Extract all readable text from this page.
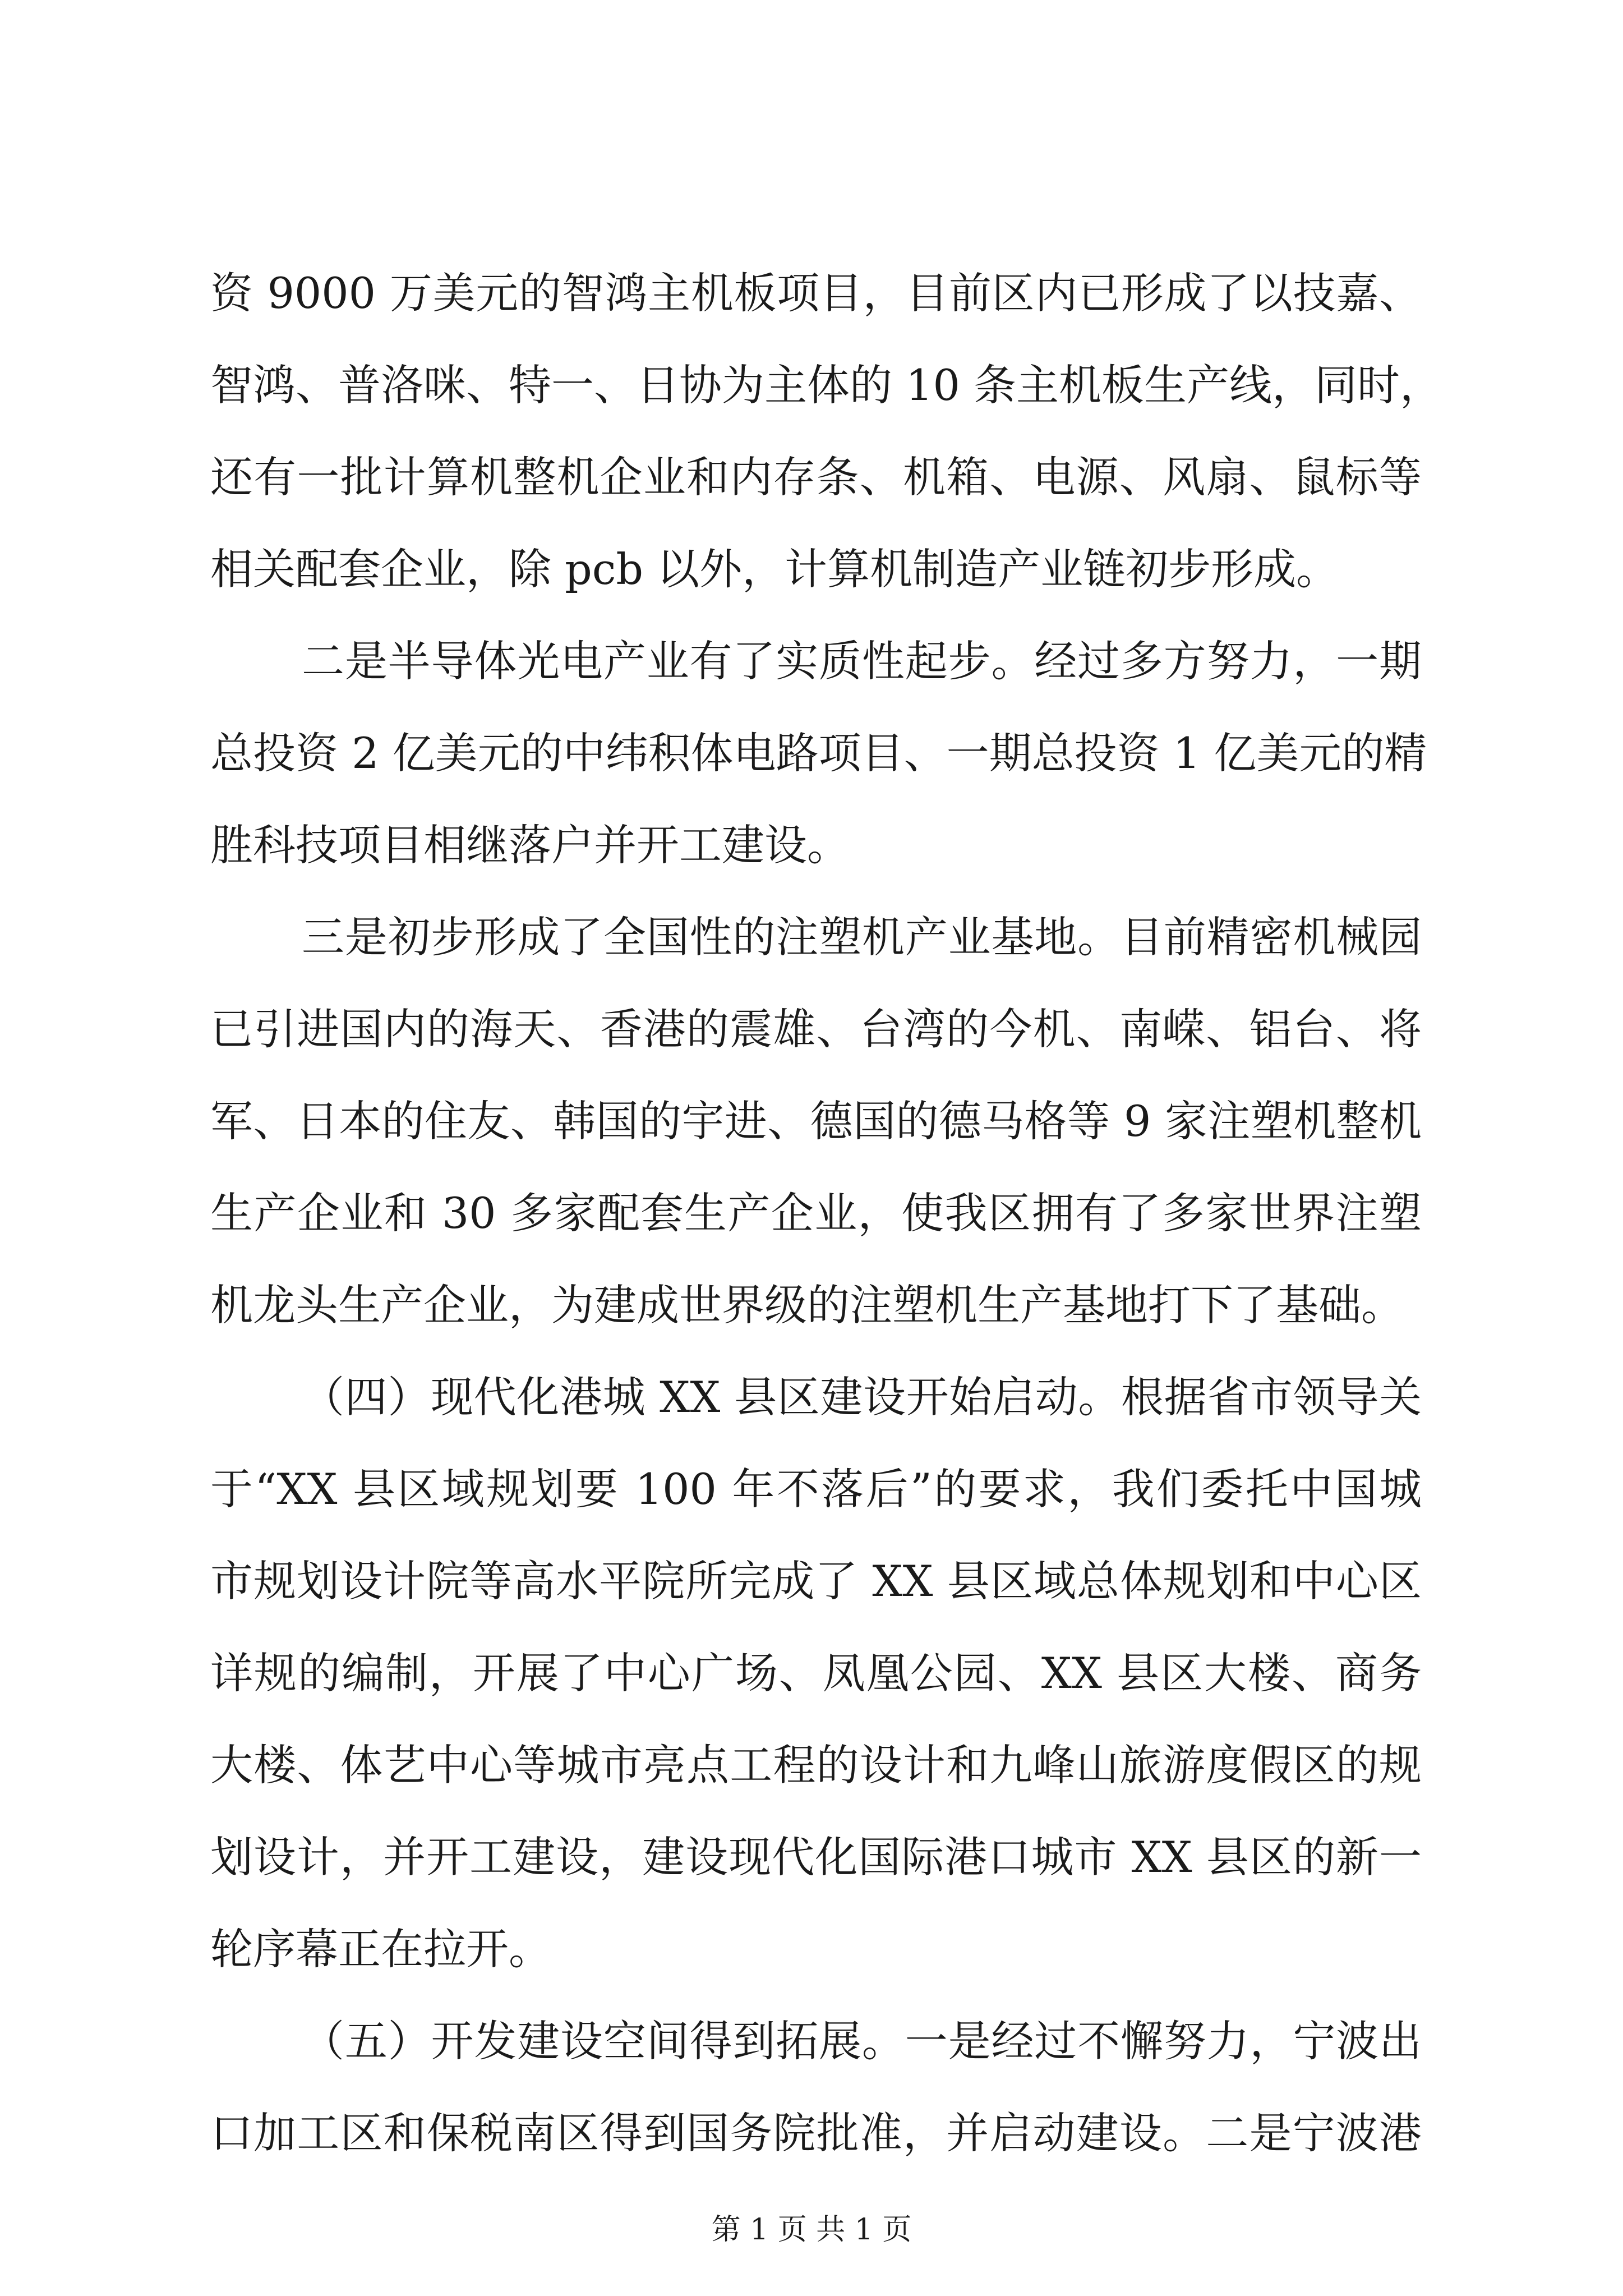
资 9000 万美元的智鸿主机板项目，目前区内已形成了以技嘉、
智鸿、普洛咪、特一、日协为主体的 10 条主机板生产线，同时，
还有一批计算机整机企业和内存条、机箱、电源、风扇、鼠标等
相关配套企业，除 pcb 以外，计算机制造产业链初步形成。
二是半导体光电产业有了实质性起步。经过多方努力，一期
总投资 2 亿美元的中纬积体电路项目、一期总投资 1 亿美元的精
胜科技项目相继落户并开工建设。
三是初步形成了全国性的注塑机产业基地。目前精密机械园
已引进国内的海天、香港的震雄、台湾的今机、南嵘、铝台、将
军、日本的住友、韩国的宇进、德国的德马格等 9 家注塑机整机
生产企业和 30 多家配套生产企业，使我区拥有了多家世界注塑
机龙头生产企业，为建成世界级的注塑机生产基地打下了基础。
（四）现代化港城 XX 县区建设开始启动。根据省市领导关
于“XX 县区域规划要 100 年不落后”的要求，我们委托中国城
市规划设计院等高水平院所完成了 XX 县区域总体规划和中心区
详规的编制，开展了中心广场、凤凰公园、XX 县区大楼、商务
大楼、体艺中心等城市亮点工程的设计和九峰山旅游度假区的规
划设计，并开工建设，建设现代化国际港口城市 XX 县区的新一
轮序幕正在拉开。
（五）开发建设空间得到拓展。一是经过不懈努力，宁波出
口加工区和保税南区得到国务院批准，并启动建设。二是宁波港
第 1 页 共 1 页
